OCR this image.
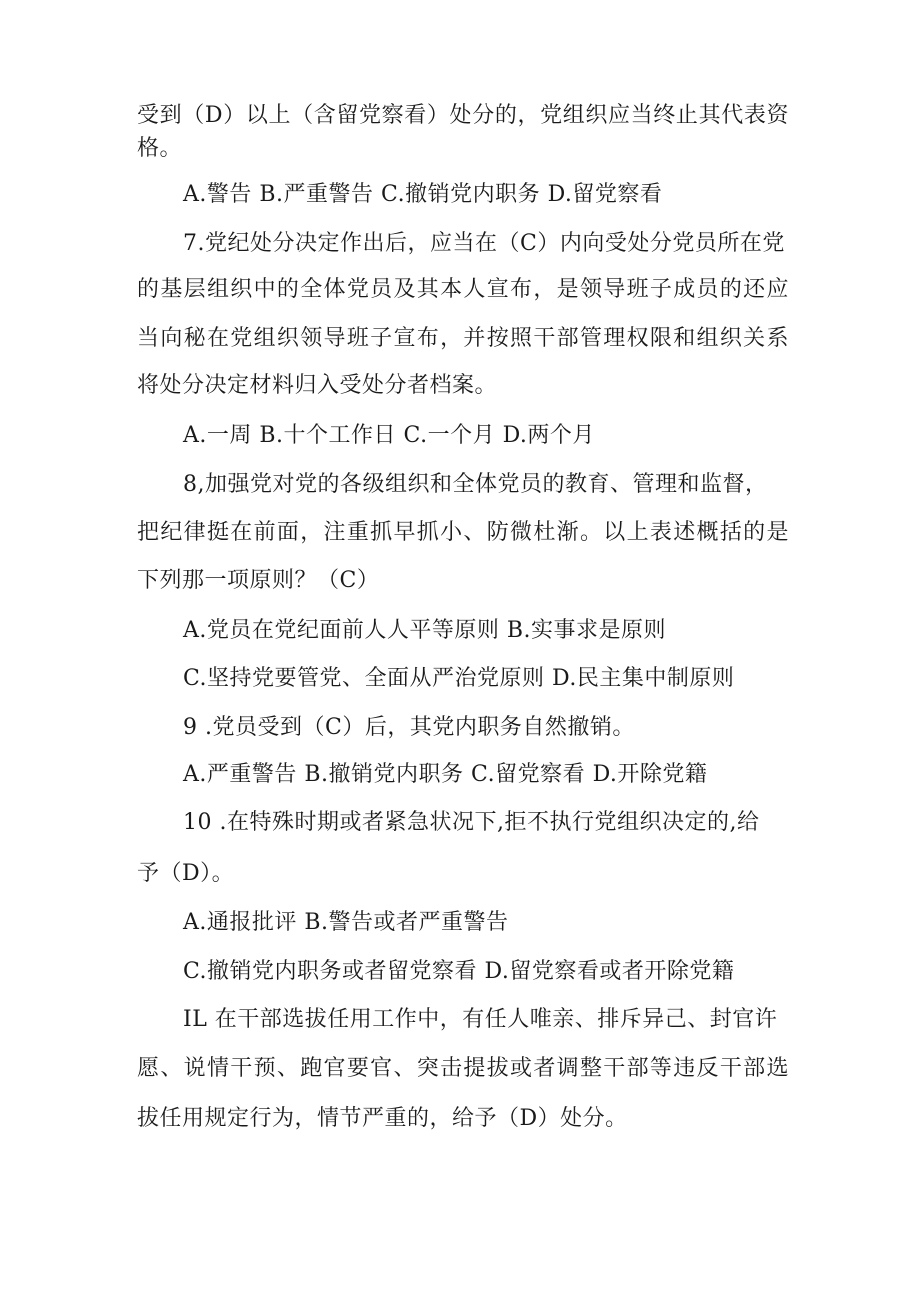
受到（D）以上（含留党察看）处分的，党组织应当终止其代表资
格。
A.警告 B.严重警告 C.撤销党内职务 D.留党察看
7.党纪处分决定作出后，应当在（C）内向受处分党员所在党
的基层组织中的全体党员及其本人宣布，是领导班子成员的还应
当向秘在党组织领导班子宣布，并按照干部管理权限和组织关系
将处分决定材料归入受处分者档案。
A.一周 B.十个工作日 C.一个月 D.两个月
8,加强党对党的各级组织和全体党员的教育、管理和监督，
把纪律挺在前面，注重抓早抓小、防微杜渐。以上表述概括的是
下列那一项原则？（C）
A.党员在党纪面前人人平等原则 B.实事求是原则
C.坚持党要管党、全面从严治党原则 D.民主集中制原则
9 .党员受到（C）后，其党内职务自然撤销。
A.严重警告 B.撤销党内职务 C.留党察看 D.开除党籍
10 .在特殊时期或者紧急状况下,拒不执行党组织决定的,给
予（D）。
A.通报批评 B.警告或者严重警告
C.撤销党内职务或者留党察看 D.留党察看或者开除党籍
IL 在干部选拔任用工作中，有任人唯亲、排斥异己、封官许
愿、说情干预、跑官要官、突击提拔或者调整干部等违反干部选
拔任用规定行为，情节严重的，给予（D）处分。
